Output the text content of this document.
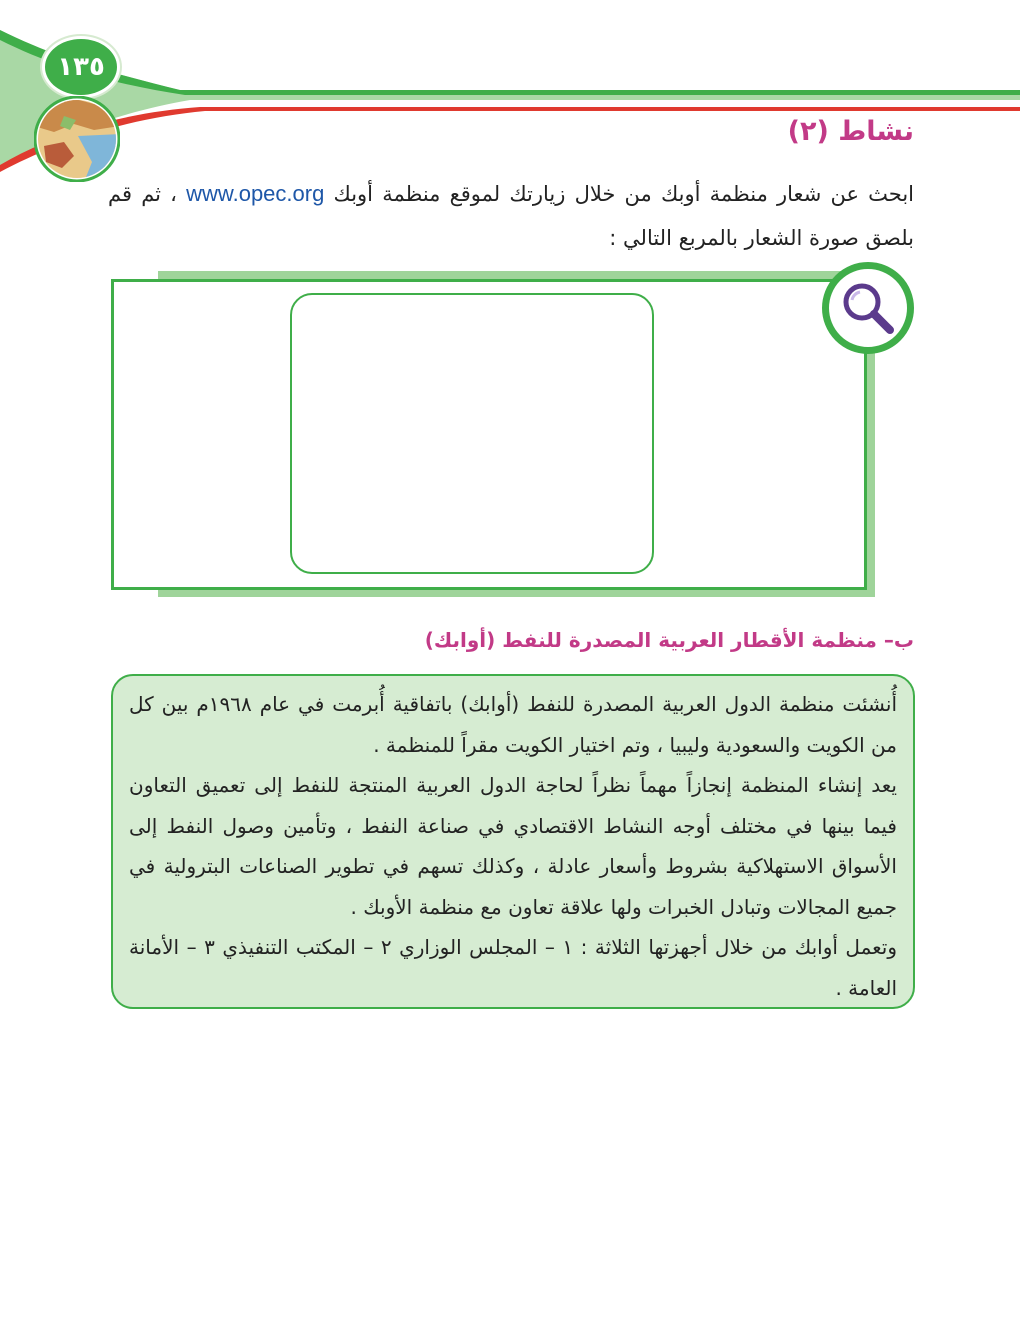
١٣٥
نشاط (٢)

ابحث عن شعار منظمة أوبك من خلال زيارتك لموقع منظمة أوبك www.opec.org ، ثم قم بلصق صورة الشعار بالمربع التالي :

ب– منظمة الأقطار العربية المصدرة للنفط (أوابك)

أُنشئت منظمة الدول العربية المصدرة للنفط (أوابك) باتفاقية أُبرمت في عام ١٩٦٨م بين كل من الكويت والسعودية وليبيا ، وتم اختيار الكويت مقراً للمنظمة .

يعد إنشاء المنظمة إنجازاً مهماً نظراً لحاجة الدول العربية المنتجة للنفط إلى تعميق التعاون فيما بينها في مختلف أوجه النشاط الاقتصادي في صناعة النفط ، وتأمين وصول النفط إلى الأسواق الاستهلاكية بشروط وأسعار عادلة ، وكذلك تسهم في تطوير الصناعات البترولية في جميع المجالات وتبادل الخبرات ولها علاقة تعاون مع منظمة الأوبك .

وتعمل أوابك من خلال أجهزتها الثلاثة : ١ – المجلس الوزاري ٢ – المكتب التنفيذي ٣ – الأمانة العامة .
